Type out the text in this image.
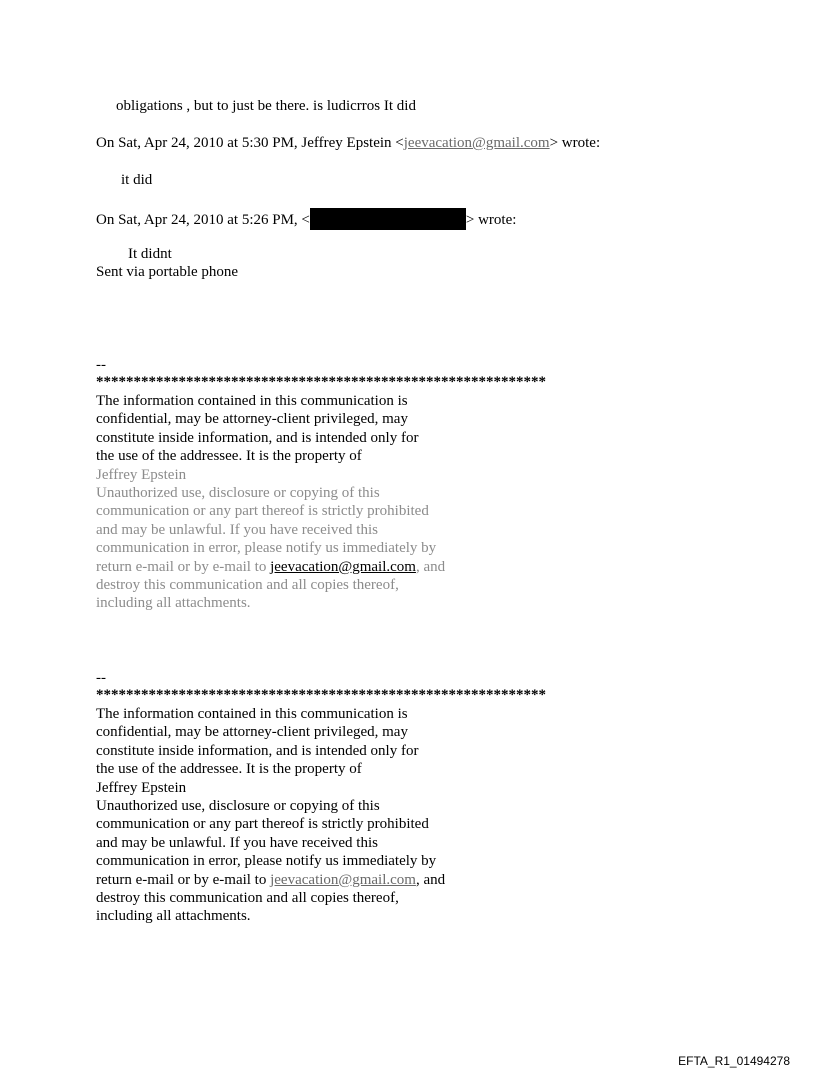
obligations , but to just be there. is ludicrros It did
On Sat, Apr 24, 2010 at 5:30 PM, Jeffrey Epstein <jeevacation@gmail.com> wrote:
it did
On Sat, Apr 24, 2010 at 5:26 PM, <	> wrote:
It didnt
Sent via portable phone
--
************************************************************
The information contained in this communication is
confidential, may be attorney-client privileged, may
constitute inside information, and is intended only for
the use of the addressee. It is the property of
Jeffrey Epstein
Unauthorized use, disclosure or copying of this
communication or any part thereof is strictly prohibited
and may be unlawful. If you have received this
communication in error, please notify us immediately by
return e-mail or by e-mail to jeevacation@gmail.com, and
destroy this communication and all copies thereof,
including all attachments.
--
************************************************************
The information contained in this communication is
confidential, may be attorney-client privileged, may
constitute inside information, and is intended only for
the use of the addressee. It is the property of
Jeffrey Epstein
Unauthorized use, disclosure or copying of this
communication or any part thereof is strictly prohibited
and may be unlawful. If you have received this
communication in error, please notify us immediately by
return e-mail or by e-mail to jeevacation@gmail.com, and
destroy this communication and all copies thereof,
including all attachments.
EFTA_R1_01494278
